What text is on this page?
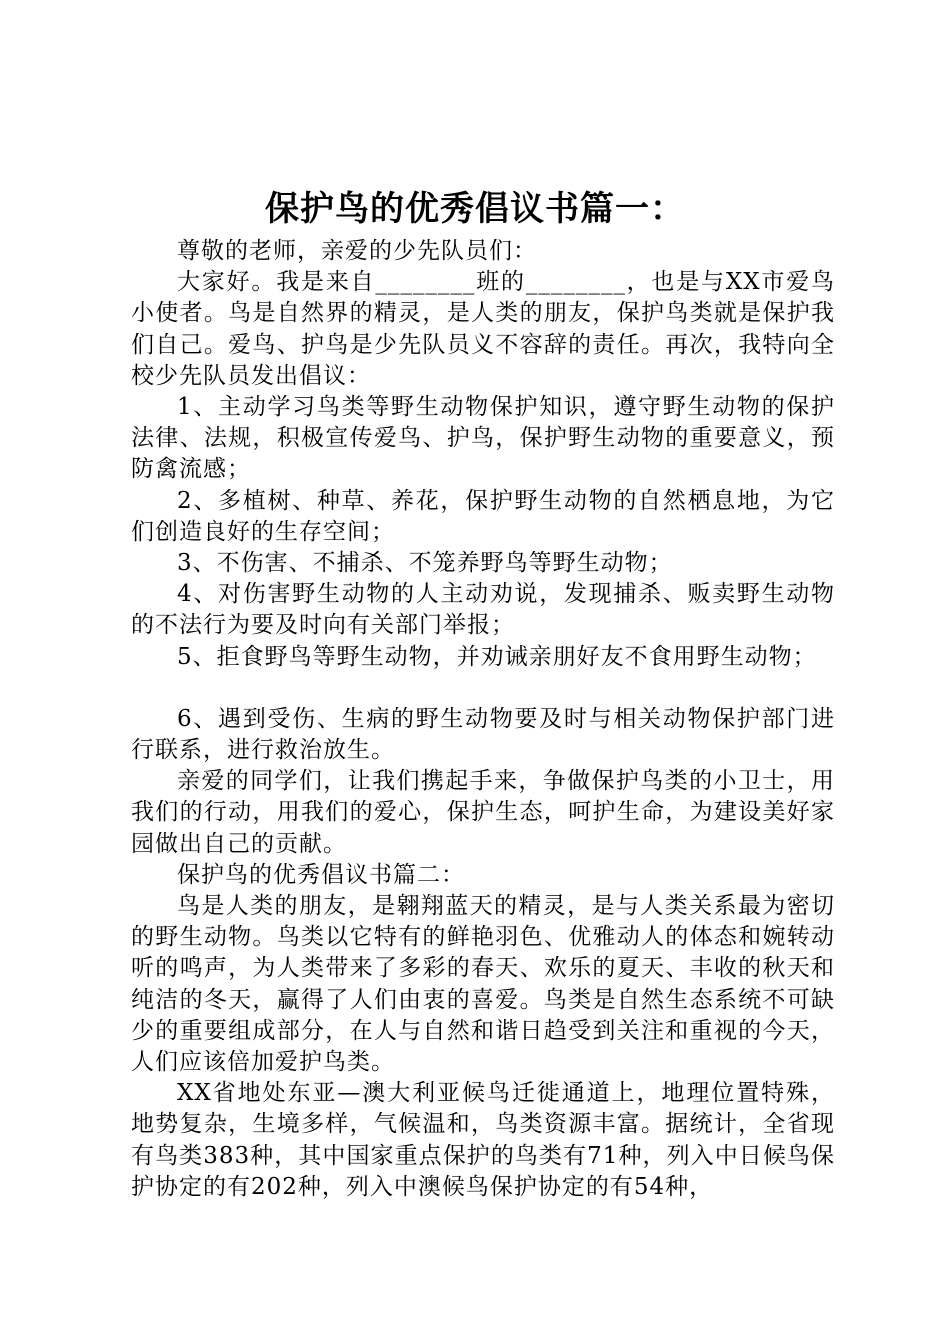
保护鸟的优秀倡议书篇一：

尊敬的老师，亲爱的少先队员们：

大家好。我是来自________班的________，也是与XX市爱鸟小使者。鸟是自然界的精灵，是人类的朋友，保护鸟类就是保护我们自己。爱鸟、护鸟是少先队员义不容辞的责任。再次，我特向全校少先队员发出倡议：

1、主动学习鸟类等野生动物保护知识，遵守野生动物的保护法律、法规，积极宣传爱鸟、护鸟，保护野生动物的重要意义，预防禽流感；

2、多植树、种草、养花，保护野生动物的自然栖息地，为它们创造良好的生存空间；

3、不伤害、不捕杀、不笼养野鸟等野生动物；

4、对伤害野生动物的人主动劝说，发现捕杀、贩卖野生动物的不法行为要及时向有关部门举报；

5、拒食野鸟等野生动物，并劝诫亲朋好友不食用野生动物；

6、遇到受伤、生病的野生动物要及时与相关动物保护部门进行联系，进行救治放生。

亲爱的同学们，让我们携起手来，争做保护鸟类的小卫士，用我们的行动，用我们的爱心，保护生态，呵护生命，为建设美好家园做出自己的贡献。

保护鸟的优秀倡议书篇二：

鸟是人类的朋友，是翱翔蓝天的精灵，是与人类关系最为密切的野生动物。鸟类以它特有的鲜艳羽色、优雅动人的体态和婉转动听的鸣声，为人类带来了多彩的春天、欢乐的夏天、丰收的秋天和纯洁的冬天，赢得了人们由衷的喜爱。鸟类是自然生态系统不可缺少的重要组成部分，在人与自然和谐日趋受到关注和重视的今天，人们应该倍加爱护鸟类。

XX省地处东亚—澳大利亚候鸟迁徙通道上，地理位置特殊，地势复杂，生境多样，气候温和，鸟类资源丰富。据统计，全省现有鸟类383种，其中国家重点保护的鸟类有71种，列入中日候鸟保护协定的有202种，列入中澳候鸟保护协定的有54种，
